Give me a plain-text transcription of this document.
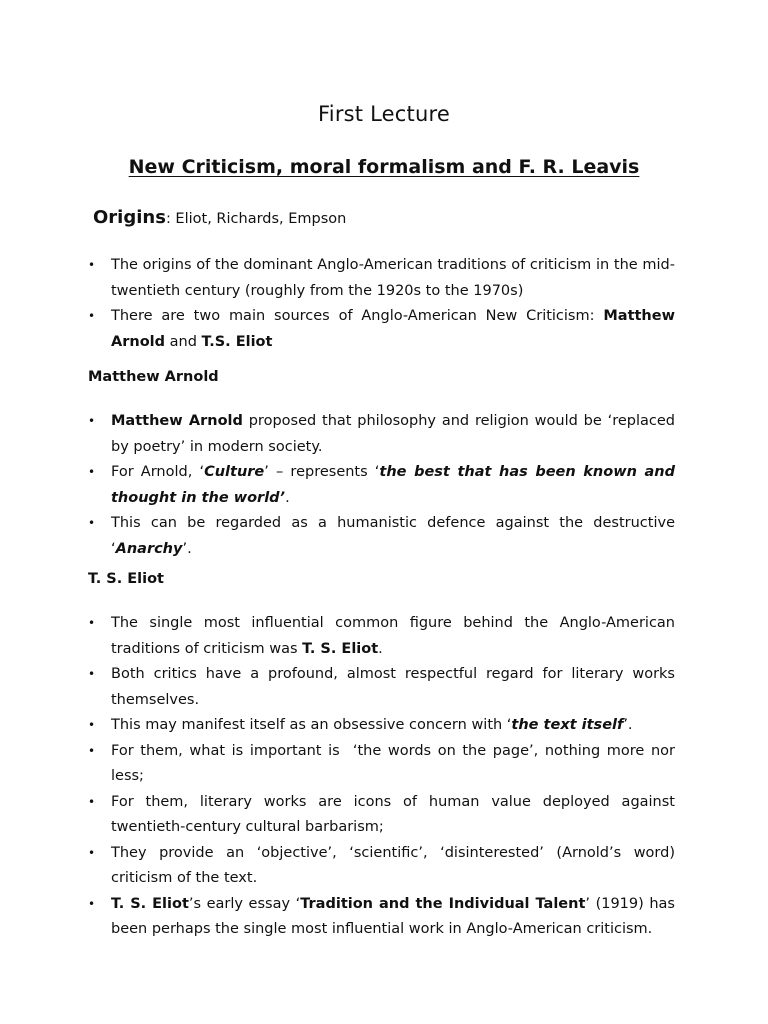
First Lecture
New Criticism, moral formalism and F. R. Leavis
Origins: Eliot, Richards, Empson
• The origins of the dominant Anglo-American traditions of criticism in the mid-twentieth century (roughly from the 1920s to the 1970s)
• There are two main sources of Anglo-American New Criticism: Matthew Arnold and T.S. Eliot
Matthew Arnold
• Matthew Arnold proposed that philosophy and religion would be ‘replaced by poetry’ in modern society.
• For Arnold, ‘Culture’ – represents ‘the best that has been known and thought in the world’.
• This can be regarded as a humanistic defence against the destructive ‘Anarchy’.
T. S. Eliot
• The single most influential common figure behind the Anglo-American traditions of criticism was T. S. Eliot.
• Both critics have a profound, almost respectful regard for literary works themselves.
• This may manifest itself as an obsessive concern with ‘the text itself’.
• For them, what is important is  ‘the words on the page’, nothing more nor less;
• For them, literary works are icons of human value deployed against twentieth-century cultural barbarism;
• They provide an ‘objective’, ‘scientific’, ‘disinterested’ (Arnold’s word) criticism of the text.
• T. S. Eliot’s early essay ‘Tradition and the Individual Talent’ (1919) has been perhaps the single most influential work in Anglo-American criticism.
